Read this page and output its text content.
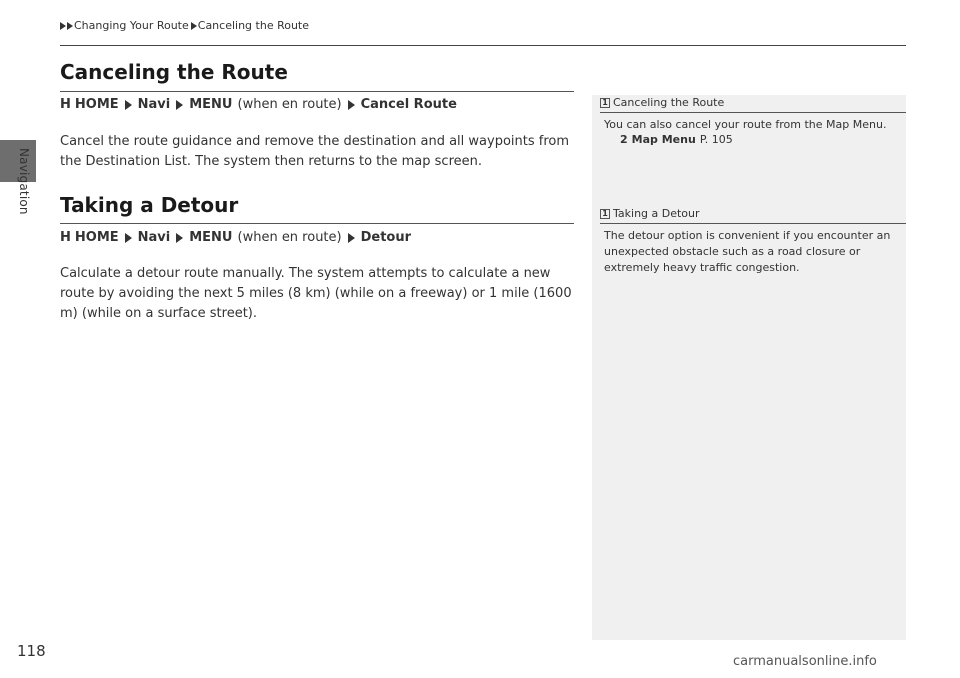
Navigation
Changing Your Route Canceling the Route
Canceling the Route
H HOME Navi MENU (when en route) Cancel Route
Cancel the route guidance and remove the destination and all waypoints from the Destination List. The system then returns to the map screen.
Taking a Detour
H HOME Navi MENU (when en route) Detour
Calculate a detour route manually. The system attempts to calculate a new route by avoiding the next 5 miles (8 km) (while on a freeway) or 1 mile (1600 m) (while on a surface street).
1 Canceling the Route
You can also cancel your route from the Map Menu.
2 Map Menu P. 105
1 Taking a Detour
The detour option is convenient if you encounter an unexpected obstacle such as a road closure or extremely heavy traffic congestion.
118
carmanualsonline.info
